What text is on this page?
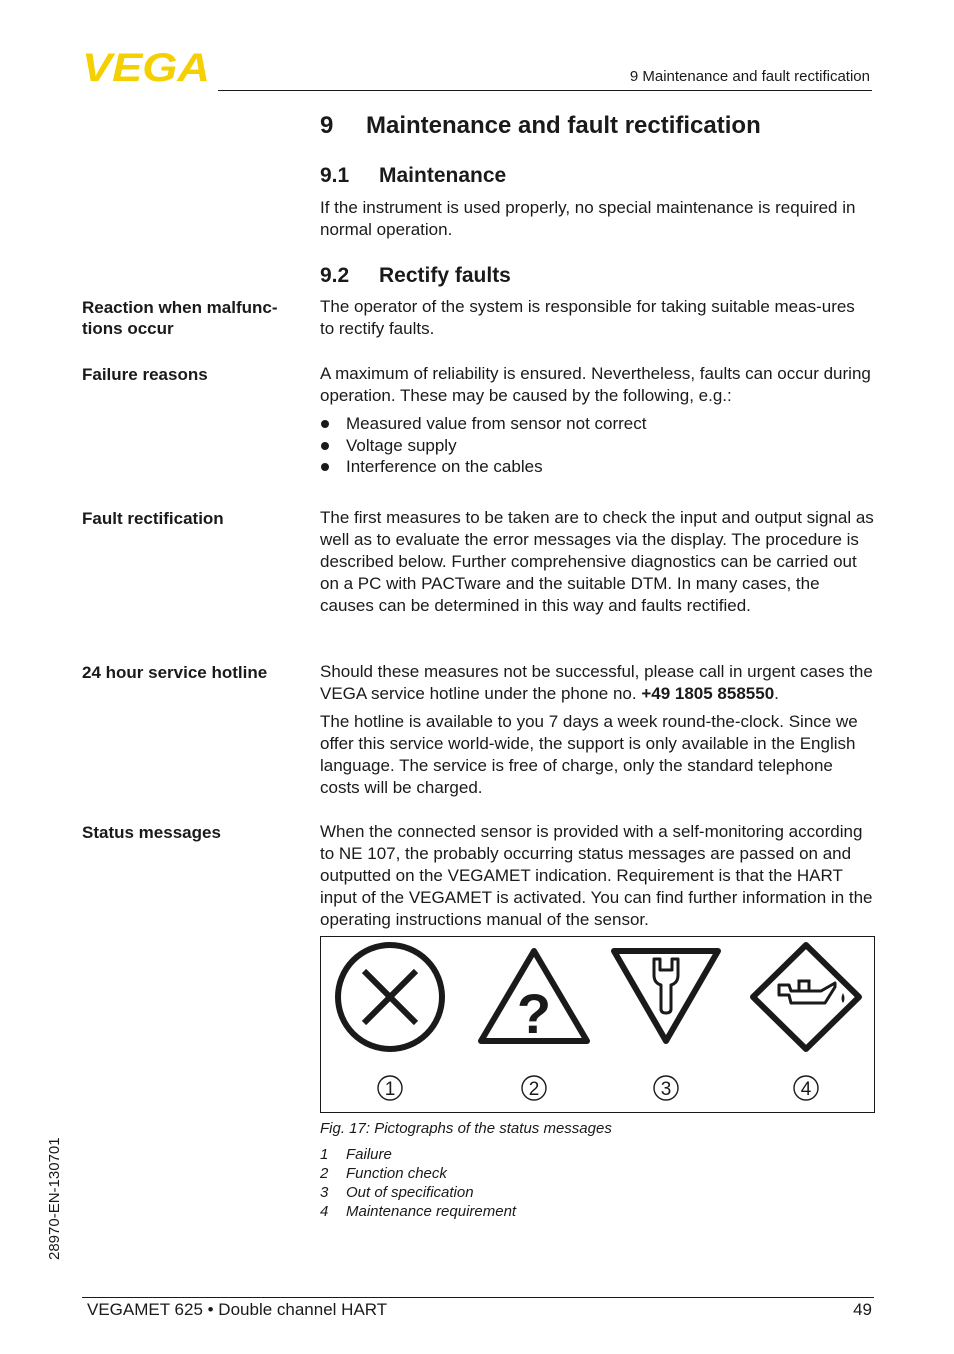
VEGA	9 Maintenance and fault rectification
9 Maintenance and fault rectification
9.1 Maintenance
If the instrument is used properly, no special maintenance is required in normal operation.
9.2 Rectify faults
Reaction when malfunc-
tions occur
The operator of the system is responsible for taking suitable meas-ures to rectify faults.
Failure reasons	A maximum of reliability is ensured. Nevertheless, faults can occur during operation. These may be caused by the following, e.g.:
Measured value from sensor not correct
Voltage supply
Interference on the cables
Fault rectification	The first measures to be taken are to check the input and output signal as well as to evaluate the error messages via the display. The procedure is described below. Further comprehensive diagnostics can be carried out on a PC with PACTware and the suitable DTM. In many cases, the causes can be determined in this way and faults rectified.
24 hour service hotline	Should these measures not be successful, please call in urgent cases the VEGA service hotline under the phone no. +49 1805 858550.
The hotline is available to you 7 days a week round-the-clock. Since we offer this service world-wide, the support is only available in the English language. The service is free of charge, only the standard telephone costs will be charged.
Status messages	When the connected sensor is provided with a self-monitoring according to NE 107, the probably occurring status messages are passed on and outputted on the VEGAMET indication. Requirement is that the HART input of the VEGAMET is activated. You can find further information in the operating instructions manual of the sensor.
?
1	2	3	4
Fig. 17: Pictographs of the status messages
1 Failure
2 Function check
3 Out of specification
4 Maintenance requirement
28970-EN-130701
VEGAMET 625 • Double channel HART	49
